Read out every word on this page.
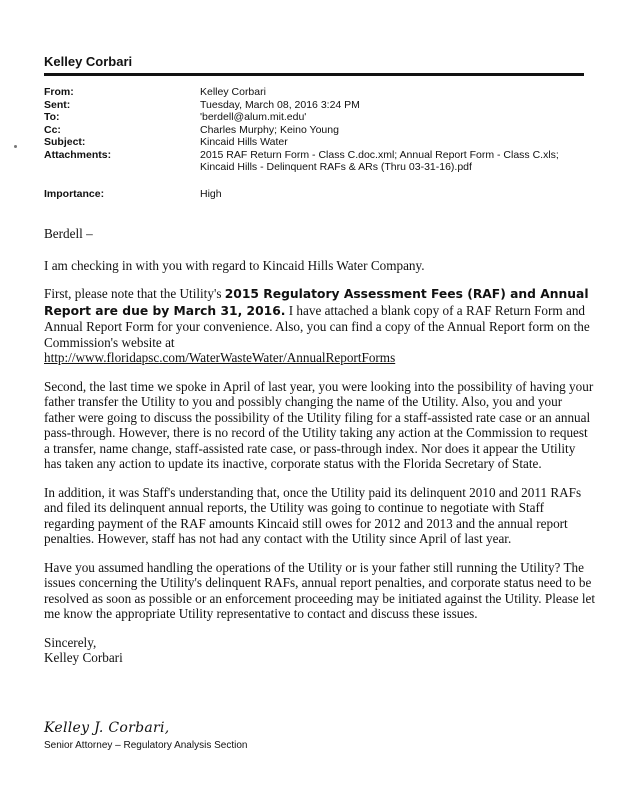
Kelley Corbari
From:	Kelley Corbari
Sent:	Tuesday, March 08, 2016 3:24 PM
To:	'berdell@alum.mit.edu'
Cc:	Charles Murphy; Keino Young
Subject:	Kincaid Hills Water
Attachments:	2015 RAF Return Form - Class C.doc.xml; Annual Report Form - Class C.xls; Kincaid Hills - Delinquent RAFs & ARs (Thru 03-31-16).pdf
Importance:	High

Berdell –

I am checking in with you with regard to Kincaid Hills Water Company.

First, please note that the Utility's 2015 Regulatory Assessment Fees (RAF) and Annual Report are due by March 31, 2016. I have attached a blank copy of a RAF Return Form and Annual Report Form for your convenience. Also, you can find a copy of the Annual Report form on the Commission's website at
http://www.floridapsc.com/WaterWasteWater/AnnualReportForms

Second, the last time we spoke in April of last year, you were looking into the possibility of having your father transfer the Utility to you and possibly changing the name of the Utility. Also, you and your father were going to discuss the possibility of the Utility filing for a staff-assisted rate case or an annual pass-through. However, there is no record of the Utility taking any action at the Commission to request a transfer, name change, staff-assisted rate case, or pass-through index. Nor does it appear the Utility has taken any action to update its inactive, corporate status with the Florida Secretary of State.

In addition, it was Staff's understanding that, once the Utility paid its delinquent 2010 and 2011 RAFs and filed its delinquent annual reports, the Utility was going to continue to negotiate with Staff regarding payment of the RAF amounts Kincaid still owes for 2012 and 2013 and the annual report penalties. However, staff has not had any contact with the Utility since April of last year.

Have you assumed handling the operations of the Utility or is your father still running the Utility? The issues concerning the Utility's delinquent RAFs, annual report penalties, and corporate status need to be resolved as soon as possible or an enforcement proceeding may be initiated against the Utility. Please let me know the appropriate Utility representative to contact and discuss these issues.

Sincerely,
Kelley Corbari
Kelley J. Corbari,
Senior Attorney – Regulatory Analysis Section
